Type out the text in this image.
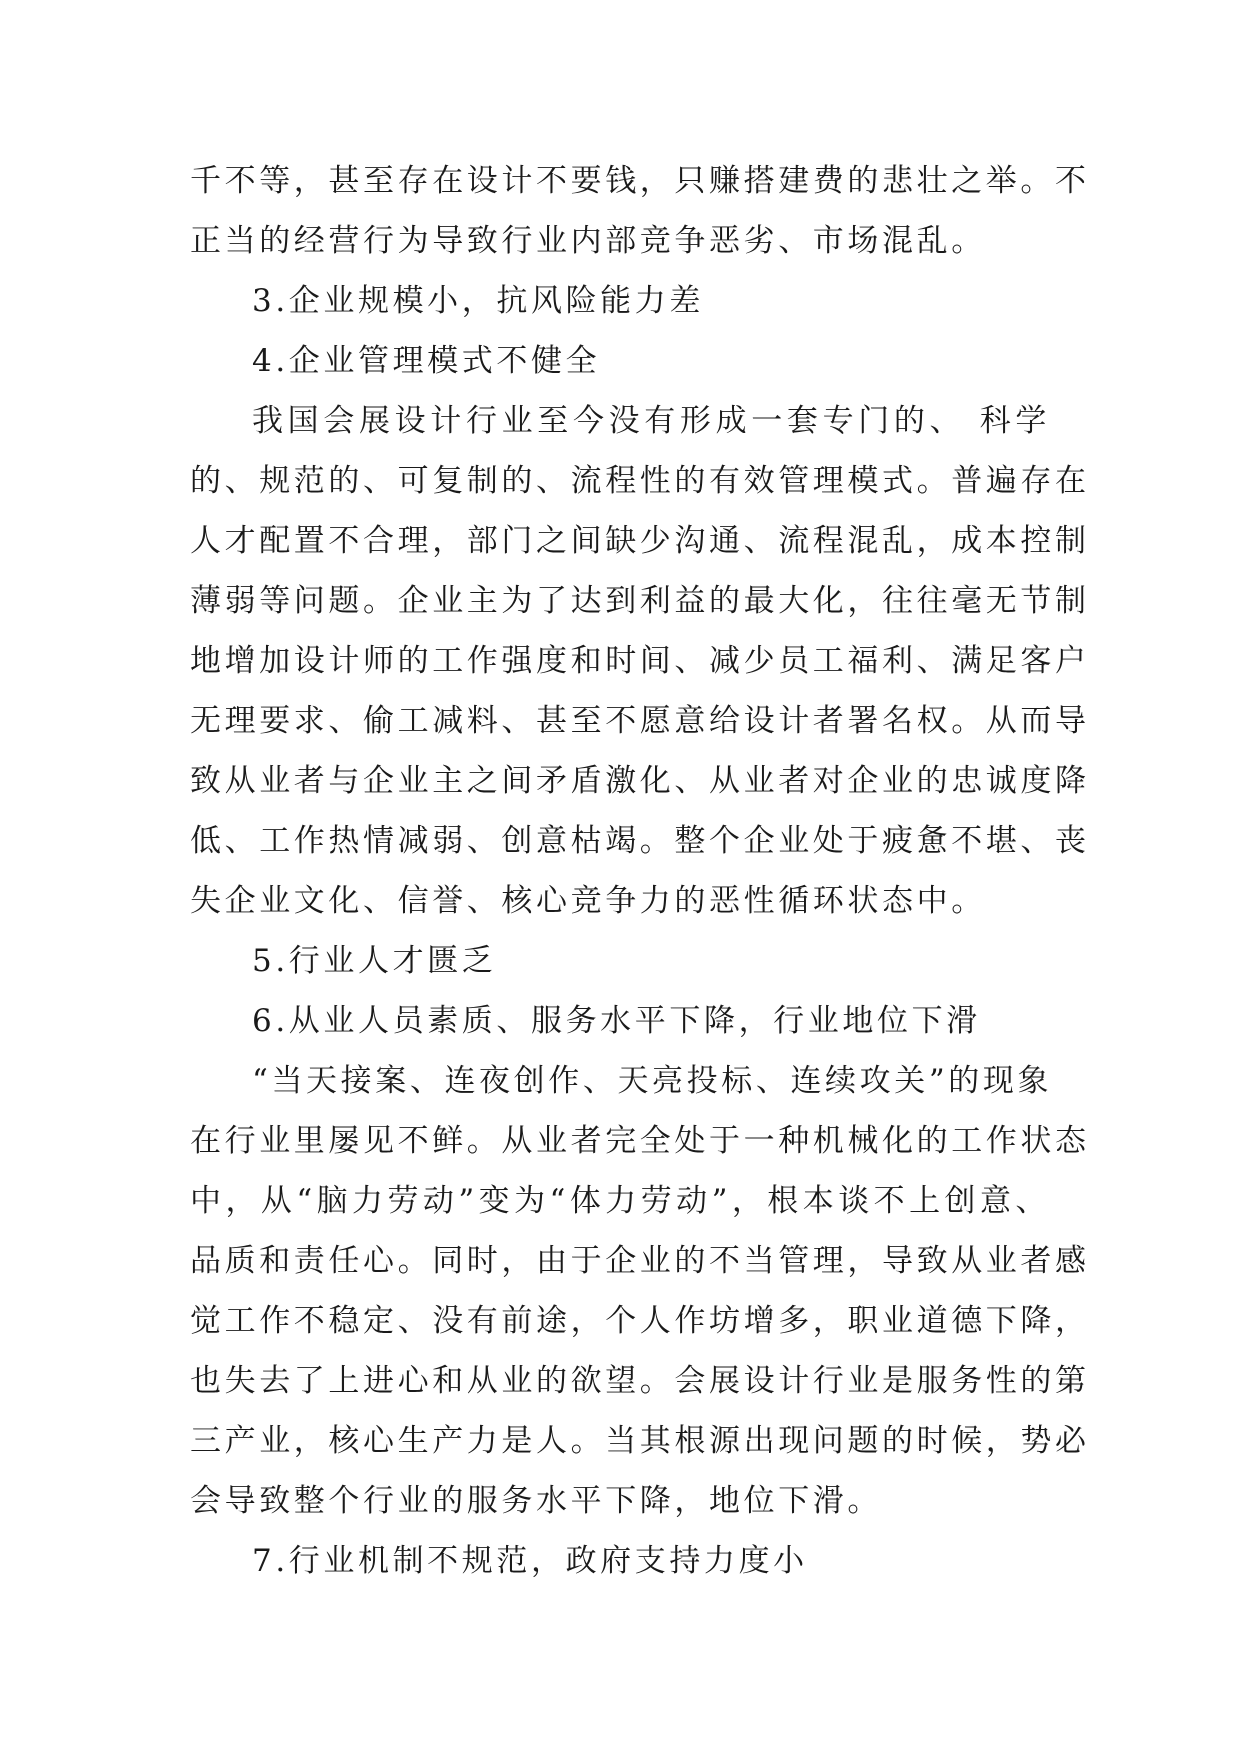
千不等，甚至存在设计不要钱，只赚搭建费的悲壮之举。不
正当的经营行为导致行业内部竞争恶劣、市场混乱。
3.企业规模小，抗风险能力差
4.企业管理模式不健全
我国会展设计行业至今没有形成一套专门的、 科学
的、规范的、可复制的、流程性的有效管理模式。普遍存在
人才配置不合理，部门之间缺少沟通、流程混乱，成本控制
薄弱等问题。企业主为了达到利益的最大化，往往毫无节制
地增加设计师的工作强度和时间、减少员工福利、满足客户
无理要求、偷工减料、甚至不愿意给设计者署名权。从而导
致从业者与企业主之间矛盾激化、从业者对企业的忠诚度降
低、工作热情减弱、创意枯竭。整个企业处于疲惫不堪、丧
失企业文化、信誉、核心竞争力的恶性循环状态中。
5.行业人才匮乏
6.从业人员素质、服务水平下降，行业地位下滑
“当天接案、连夜创作、天亮投标、连续攻关”的现象
在行业里屡见不鲜。从业者完全处于一种机械化的工作状态
中，从“脑力劳动”变为“体力劳动”，根本谈不上创意、
品质和责任心。同时，由于企业的不当管理，导致从业者感
觉工作不稳定、没有前途，个人作坊增多，职业道德下降，
也失去了上进心和从业的欲望。会展设计行业是服务性的第
三产业，核心生产力是人。当其根源出现问题的时候，势必
会导致整个行业的服务水平下降，地位下滑。
7.行业机制不规范，政府支持力度小
